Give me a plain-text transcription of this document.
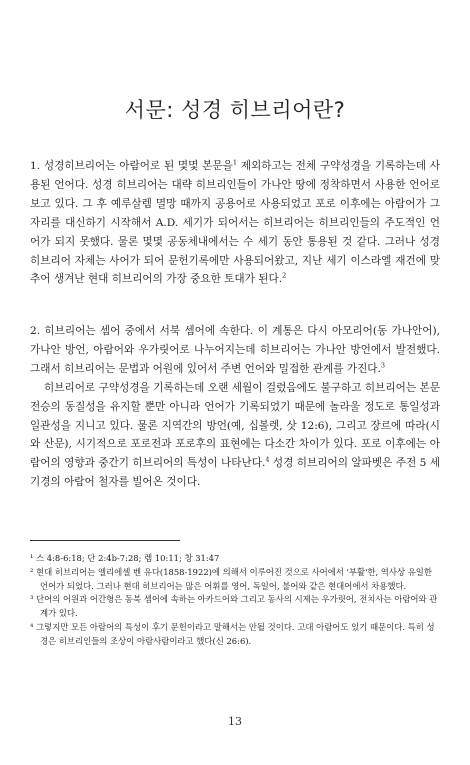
서문: 성경 히브리어란?

1. 성경히브리어는 아람어로 된 몇몇 본문을$^1$ 제외하고는 전체 구약성경을 기록하는데 사용된 언어다. 성경 히브리어는 대략 히브리인들이 가나안 땅에 정착하면서 사용한 언어로 보고 있다. 그 후 예루살렘 멸망 때까지 공용어로 사용되었고 포로 이후에는 아람어가 그 자리를 대신하기 시작해서 A.D. 세기가 되어서는 히브리어는 히브리인들의 주도적인 언어가 되지 못했다. 물론 몇몇 공동체내에서는 수 세기 동안 통용된 것 같다. 그러나 성경 히브리어 자체는 사어가 되어 문헌기록에만 사용되어왔고, 지난 세기 이스라엘 재건에 맞추어 생겨난 현대 히브리어의 가장 중요한 토대가 된다.$^2$

2. 히브리어는 셈어 중에서 서북 셈어에 속한다. 이 계통은 다시 아모리어(동 가나안어), 가나안 방언, 아람어와 우가릿어로 나누어지는데 히브리어는 가나안 방언에서 발전했다. 그래서 히브리어는 문법과 어원에 있어서 주변 언어와 밀접한 관계를 가진다.$^3$

히브리어로 구약성경을 기록하는데 오랜 세월이 걸렸음에도 불구하고 히브리어는 본문 전승의 동질성을 유지할 뿐만 아니라 언어가 기록되었기 때문에 놀라울 정도로 통일성과 일관성을 지니고 있다. 물론 지역간의 방언(예, 십볼렛, 삿 12:6), 그리고 장르에 따라(시와 산문), 시기적으로 포로전과 포로후의 표현에는 다소간 차이가 있다. 포로 이후에는 아람어의 영향과 중간기 히브리어의 특성이 나타난다.$^4$ 성경 히브리어의 알파벳은 주전 5 세기경의 아람어 철자를 빌어온 것이다.

¹ 스 4:8-6:18; 단 2:4b-7:28; 렘 10:11; 창 31:47

² 현대 히브리어는 엘리에셀 벤 유다(1858-1922)에 의해서 이루어진 것으로 사어에서 '부활'한, 역사상 유일한 언어가 되었다. 그러나 현대 히브리어는 많은 어휘를 영어, 독일어, 불어와 같은 현대어에서 차용했다.

³ 단어의 어원과 어간형은 동북 셈어에 속하는 아카드어와 그리고 동사의 시제는 우가릿어, 전치사는 아람어와 관계가 있다.

⁴ 그렇지만 모든 아람어의 특성이 후기 문헌이라고 말해서는 안될 것이다. 고대 아람어도 있기 때문이다. 특히 성경은 히브리인들의 조상이 아람사람이라고 했다(신 26:6).

13
